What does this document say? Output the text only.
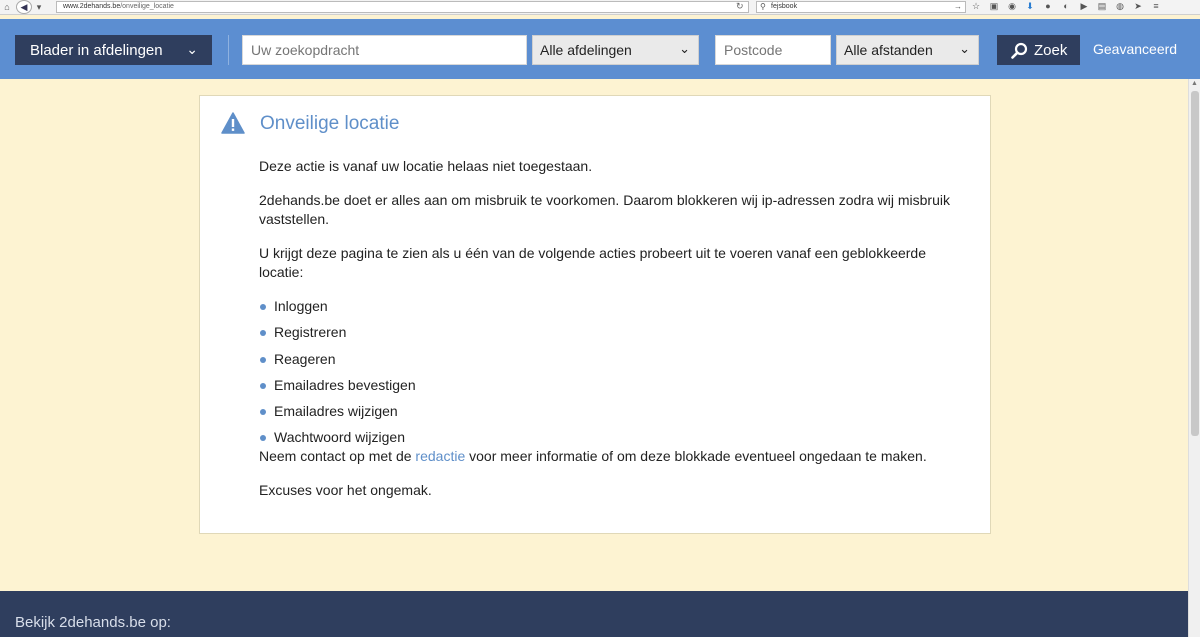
⌂	◀	▾	www.2dehands.be/onveilige_locatie	↻ ⚲ fejsbook	→ ☆ ▣ ◉ ⬇	●	◐	▶ ▤ ◍ ➤	≡
Blader in afdelingen ⌄
Uw zoekopdracht	Alle afdelingen	⌄
Postcode	Alle afstanden ⌄	Zoek Geavanceerd
Onveilige locatie

Deze actie is vanaf uw locatie helaas niet toegestaan.

2dehands.be doet er alles aan om misbruik te voorkomen. Daarom blokkeren wij ip-adressen zodra wij misbruik vaststellen.

U krijgt deze pagina te zien als u één van de volgende acties probeert uit te voeren vanaf een geblokkeerde locatie:

Inloggen
Registreren
Reageren
Emailadres bevestigen
Emailadres wijzigen
Wachtwoord wijzigen

Neem contact op met de redactie voor meer informatie of om deze blokkade eventueel ongedaan te maken.

Excuses voor het ongemak.

Bekijk 2dehands.be op:
▲
